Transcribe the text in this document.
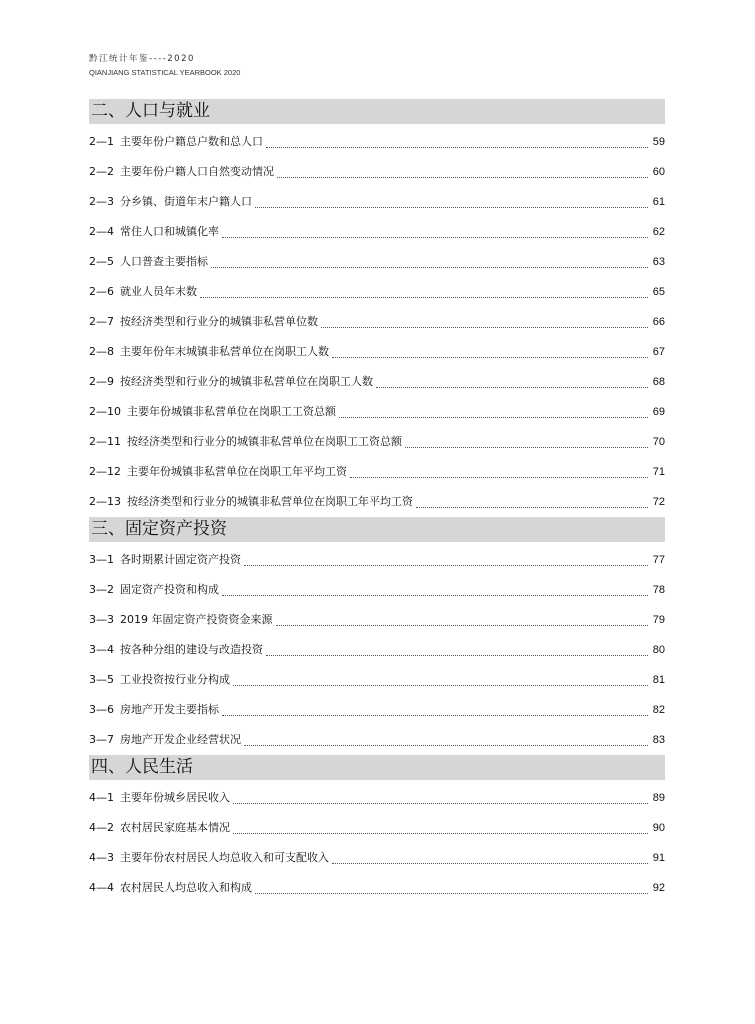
黔江统计年鉴----2020
QIANJIANG STATISTICAL YEARBOOK 2020
二、人口与就业
2—1 主要年份户籍总户数和总人口	59
2—2 主要年份户籍人口自然变动情况	60
2—3 分乡镇、街道年末户籍人口	61
2—4 常住人口和城镇化率	62
2—5 人口普查主要指标	63
2—6 就业人员年末数	65
2—7 按经济类型和行业分的城镇非私营单位数	66
2—8 主要年份年末城镇非私营单位在岗职工人数	67
2—9 按经济类型和行业分的城镇非私营单位在岗职工人数	68
2—10 主要年份城镇非私营单位在岗职工工资总额	69
2—11 按经济类型和行业分的城镇非私营单位在岗职工工资总额	70
2—12 主要年份城镇非私营单位在岗职工年平均工资	71
2—13 按经济类型和行业分的城镇非私营单位在岗职工年平均工资	72
三、固定资产投资
3—1 各时期累计固定资产投资	77
3—2 固定资产投资和构成	78
3—3 2019 年固定资产投资资金来源	79
3—4 按各种分组的建设与改造投资	80
3—5 工业投资按行业分构成	81
3—6 房地产开发主要指标	82
3—7 房地产开发企业经营状况	83
四、人民生活
4—1 主要年份城乡居民收入	89
4—2 农村居民家庭基本情况	90
4—3 主要年份农村居民人均总收入和可支配收入	91
4—4 农村居民人均总收入和构成	92
